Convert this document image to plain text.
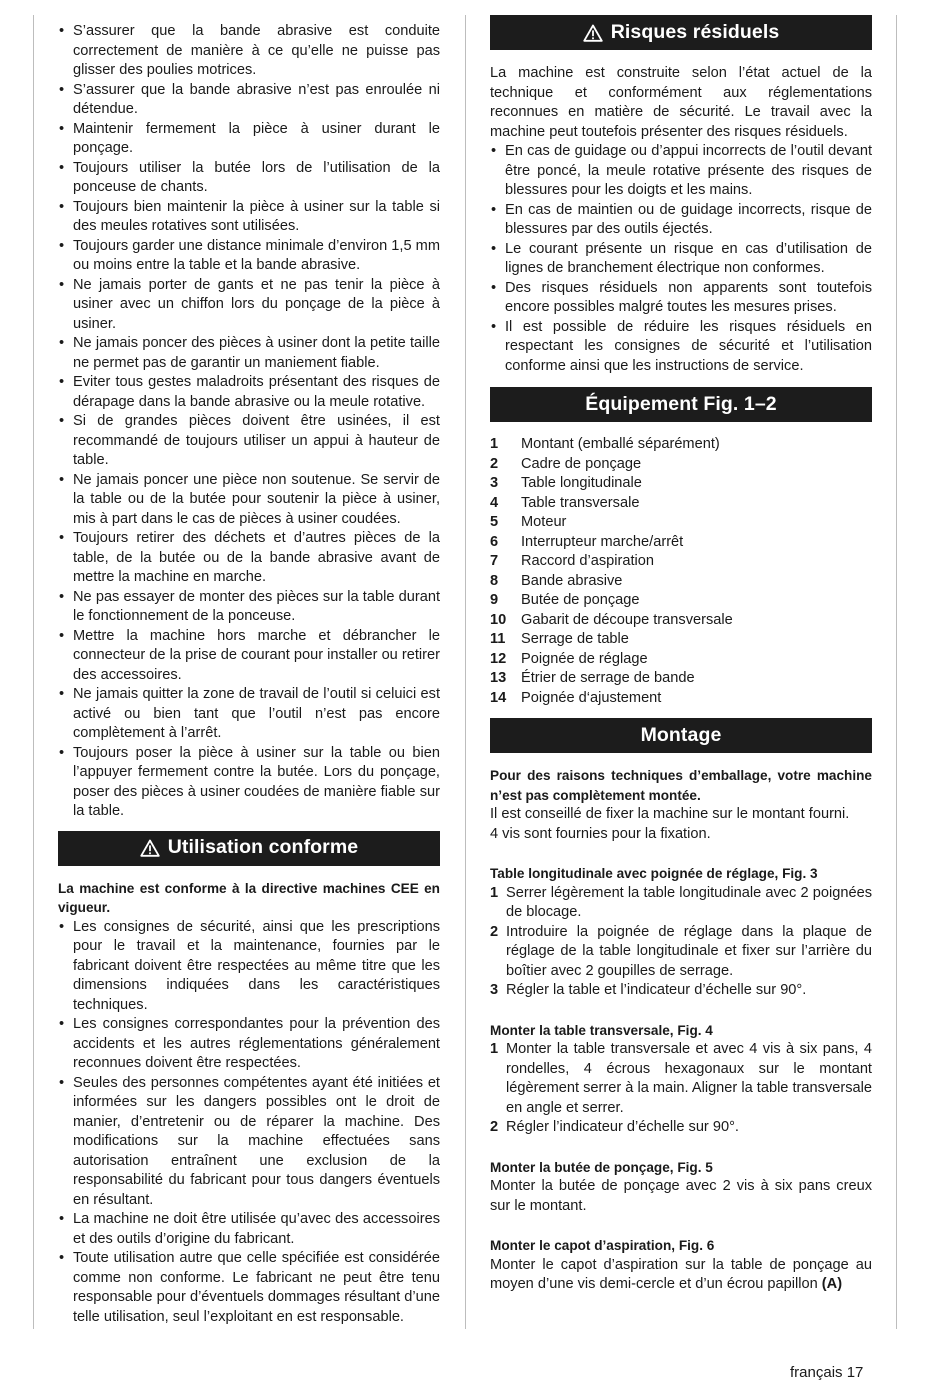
• S’assurer que la bande abrasive est conduite correctement de manière à ce qu’elle ne puisse pas glisser des poulies motrices.
• S’assurer que la bande abrasive n’est pas enroulée ni détendue.
• Maintenir fermement la pièce à usiner durant le ponçage.
• Toujours utiliser la butée lors de l’utilisation de la ponceuse de chants.
• Toujours bien maintenir la pièce à usiner sur la table si des meules rotatives sont utilisées.
• Toujours garder une distance minimale d’environ 1,5 mm ou moins entre la table et la bande abrasive.
• Ne jamais porter de gants et ne pas tenir la pièce à usiner avec un chiffon lors du ponçage de la pièce à usiner.
• Ne jamais poncer des pièces à usiner dont la petite taille ne permet pas de garantir un maniement fiable.
• Eviter tous gestes maladroits présentant des risques de dérapage dans la bande abrasive ou la meule rotative.
• Si de grandes pièces doivent être usinées, il est recommandé de toujours utiliser un appui à hauteur de table.
• Ne jamais poncer une pièce non soutenue. Se servir de la table ou de la butée pour soutenir la pièce à usiner, mis à part dans le cas de pièces à usiner coudées.
• Toujours retirer des déchets et d’autres pièces de la table, de la butée ou de la bande abrasive avant de mettre la machine en marche.
• Ne pas essayer de monter des pièces sur la table durant le fonctionnement de la ponceuse.
• Mettre la machine hors marche et débrancher le connecteur de la prise de courant pour installer ou retirer des accessoires.
• Ne jamais quitter la zone de travail de l’outil si celuici est activé ou bien tant que l’outil n’est pas encore complètement à l’arrêt.
• Toujours poser la pièce à usiner sur la table ou bien l’appuyer fermement contre la butée. Lors du ponçage, poser des pièces à usiner coudées de manière fiable sur la table.
Utilisation conforme

La machine est conforme à la directive machines CEE en vigueur.

• Les consignes de sécurité, ainsi que les prescriptions pour le travail et la maintenance, fournies par le fabricant doivent être respectées au même titre que les dimensions indiquées dans les caractéristiques techniques.
• Les consignes correspondantes pour la prévention des accidents et les autres réglementations généralement reconnues doivent être respectées.
• Seules des personnes compétentes ayant été initiées et informées sur les dangers possibles ont le droit de manier, d’entretenir ou de réparer la machine. Des modifications sur la machine effectuées sans autorisation entraînent une exclusion de la responsabilité du fabricant pour tous dangers éventuels en résultant.
• La machine ne doit être utilisée qu’avec des accessoires et des outils d’origine du fabricant.
• Toute utilisation autre que celle spécifiée est considérée comme non conforme. Le fabricant ne peut être tenu responsable pour d’éventuels dommages résultant d’une telle utilisation, seul l’exploitant en est responsable.
Risques résiduels

La machine est construite selon l’état actuel de la technique et conformément aux réglementations reconnues en matière de sécurité. Le travail avec la machine peut toutefois présenter des risques résiduels.

• En cas de guidage ou d’appui incorrects de l’outil devant être poncé, la meule rotative présente des risques de blessures pour les doigts et les mains.
• En cas de maintien ou de guidage incorrects, risque de blessures par des outils éjectés.
• Le courant présente un risque en cas d’utilisation de lignes de branchement électrique non conformes.
• Des risques résiduels non apparents sont toutefois encore possibles malgré toutes les mesures prises.
• Il est possible de réduire les risques résiduels en respectant les consignes de sécurité et l’utilisation conforme ainsi que les instructions de service.
Équipement Fig. 1–2
1	Montant (emballé séparément)
2	Cadre de ponçage
3	Table longitudinale
4	Table transversale
5	Moteur
6	Interrupteur marche/arrêt
7	Raccord d’aspiration
8	Bande abrasive
9	Butée de ponçage
10	Gabarit de découpe transversale
11	Serrage de table
12	Poignée de réglage
13	Étrier de serrage de bande
14	Poignée d‘ajustement
Montage

Pour des raisons techniques d’emballage, votre machine n’est pas complètement montée.

Il est conseillé de fixer la machine sur le montant fourni.

4 vis sont fournies pour la fixation.

Table longitudinale avec poignée de réglage, Fig. 3

1 Serrer légèrement la table longitudinale avec 2 poignées de blocage.
2 Introduire la poignée de réglage dans la plaque de réglage de la table longitudinale et fixer sur l’arrière du boîtier avec 2 goupilles de serrage.
3 Régler la table et l’indicateur d’échelle sur 90°.

Monter la table transversale, Fig. 4

1 Monter la table transversale et avec 4 vis à six pans, 4 rondelles, 4 écrous hexagonaux sur le montant légèrement serrer à la main. Aligner la table transversale en angle et serrer.
2 Régler l’indicateur d’échelle sur 90°.

Monter la butée de ponçage, Fig. 5

Monter la butée de ponçage avec 2 vis à six pans creux sur le montant.

Monter le capot d’aspiration, Fig. 6

Monter le capot d’aspiration sur la table de ponçage au moyen d’une vis demi-cercle et d’un écrou papillon (A)

français 17
